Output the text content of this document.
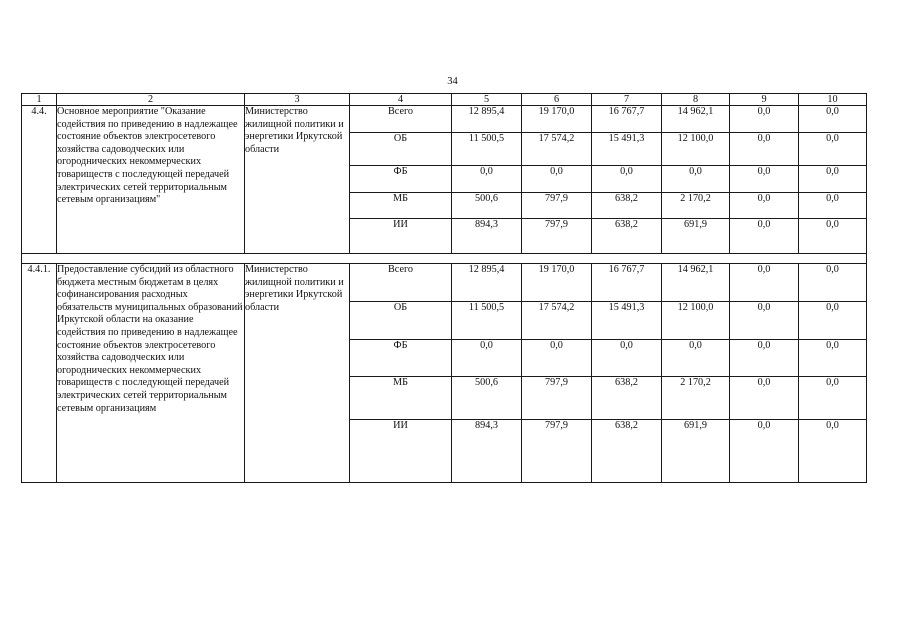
34
1	2	3	4	5	6	7	8	9	10
4.4.	Основное мероприятие "Оказание содействия по приведению в надлежащее состояние объектов электросетевого хозяйства садоводческих или огороднических некоммерческих товариществ с последующей передачей электрических сетей территориальным сетевым организациям"	Министерство жилищной политики и энергетики Иркутской области	Всего	12 895,4	19 170,0	16 767,7	14 962,1	0,0	0,0
			ОБ	11 500,5	17 574,2	15 491,3	12 100,0	0,0	0,0
			ФБ	0,0	0,0	0,0	0,0	0,0	0,0
			МБ	500,6	797,9	638,2	2 170,2	0,0	0,0
			ИИ	894,3	797,9	638,2	691,9	0,0	0,0

4.4.1.	Предоставление субсидий из областного бюджета местным бюджетам в целях софинансирования расходных обязательств муниципальных образований Иркутской области на оказание содействия по приведению в надлежащее состояние объектов электросетевого хозяйства садоводческих или огороднических некоммерческих товариществ с последующей передачей электрических сетей территориальным сетевым организациям	Министерство жилищной политики и энергетики Иркутской области	Всего	12 895,4	19 170,0	16 767,7	14 962,1	0,0	0,0
			ОБ	11 500,5	17 574,2	15 491,3	12 100,0	0,0	0,0
			ФБ	0,0	0,0	0,0	0,0	0,0	0,0
			МБ	500,6	797,9	638,2	2 170,2	0,0	0,0
			ИИ	894,3	797,9	638,2	691,9	0,0	0,0
